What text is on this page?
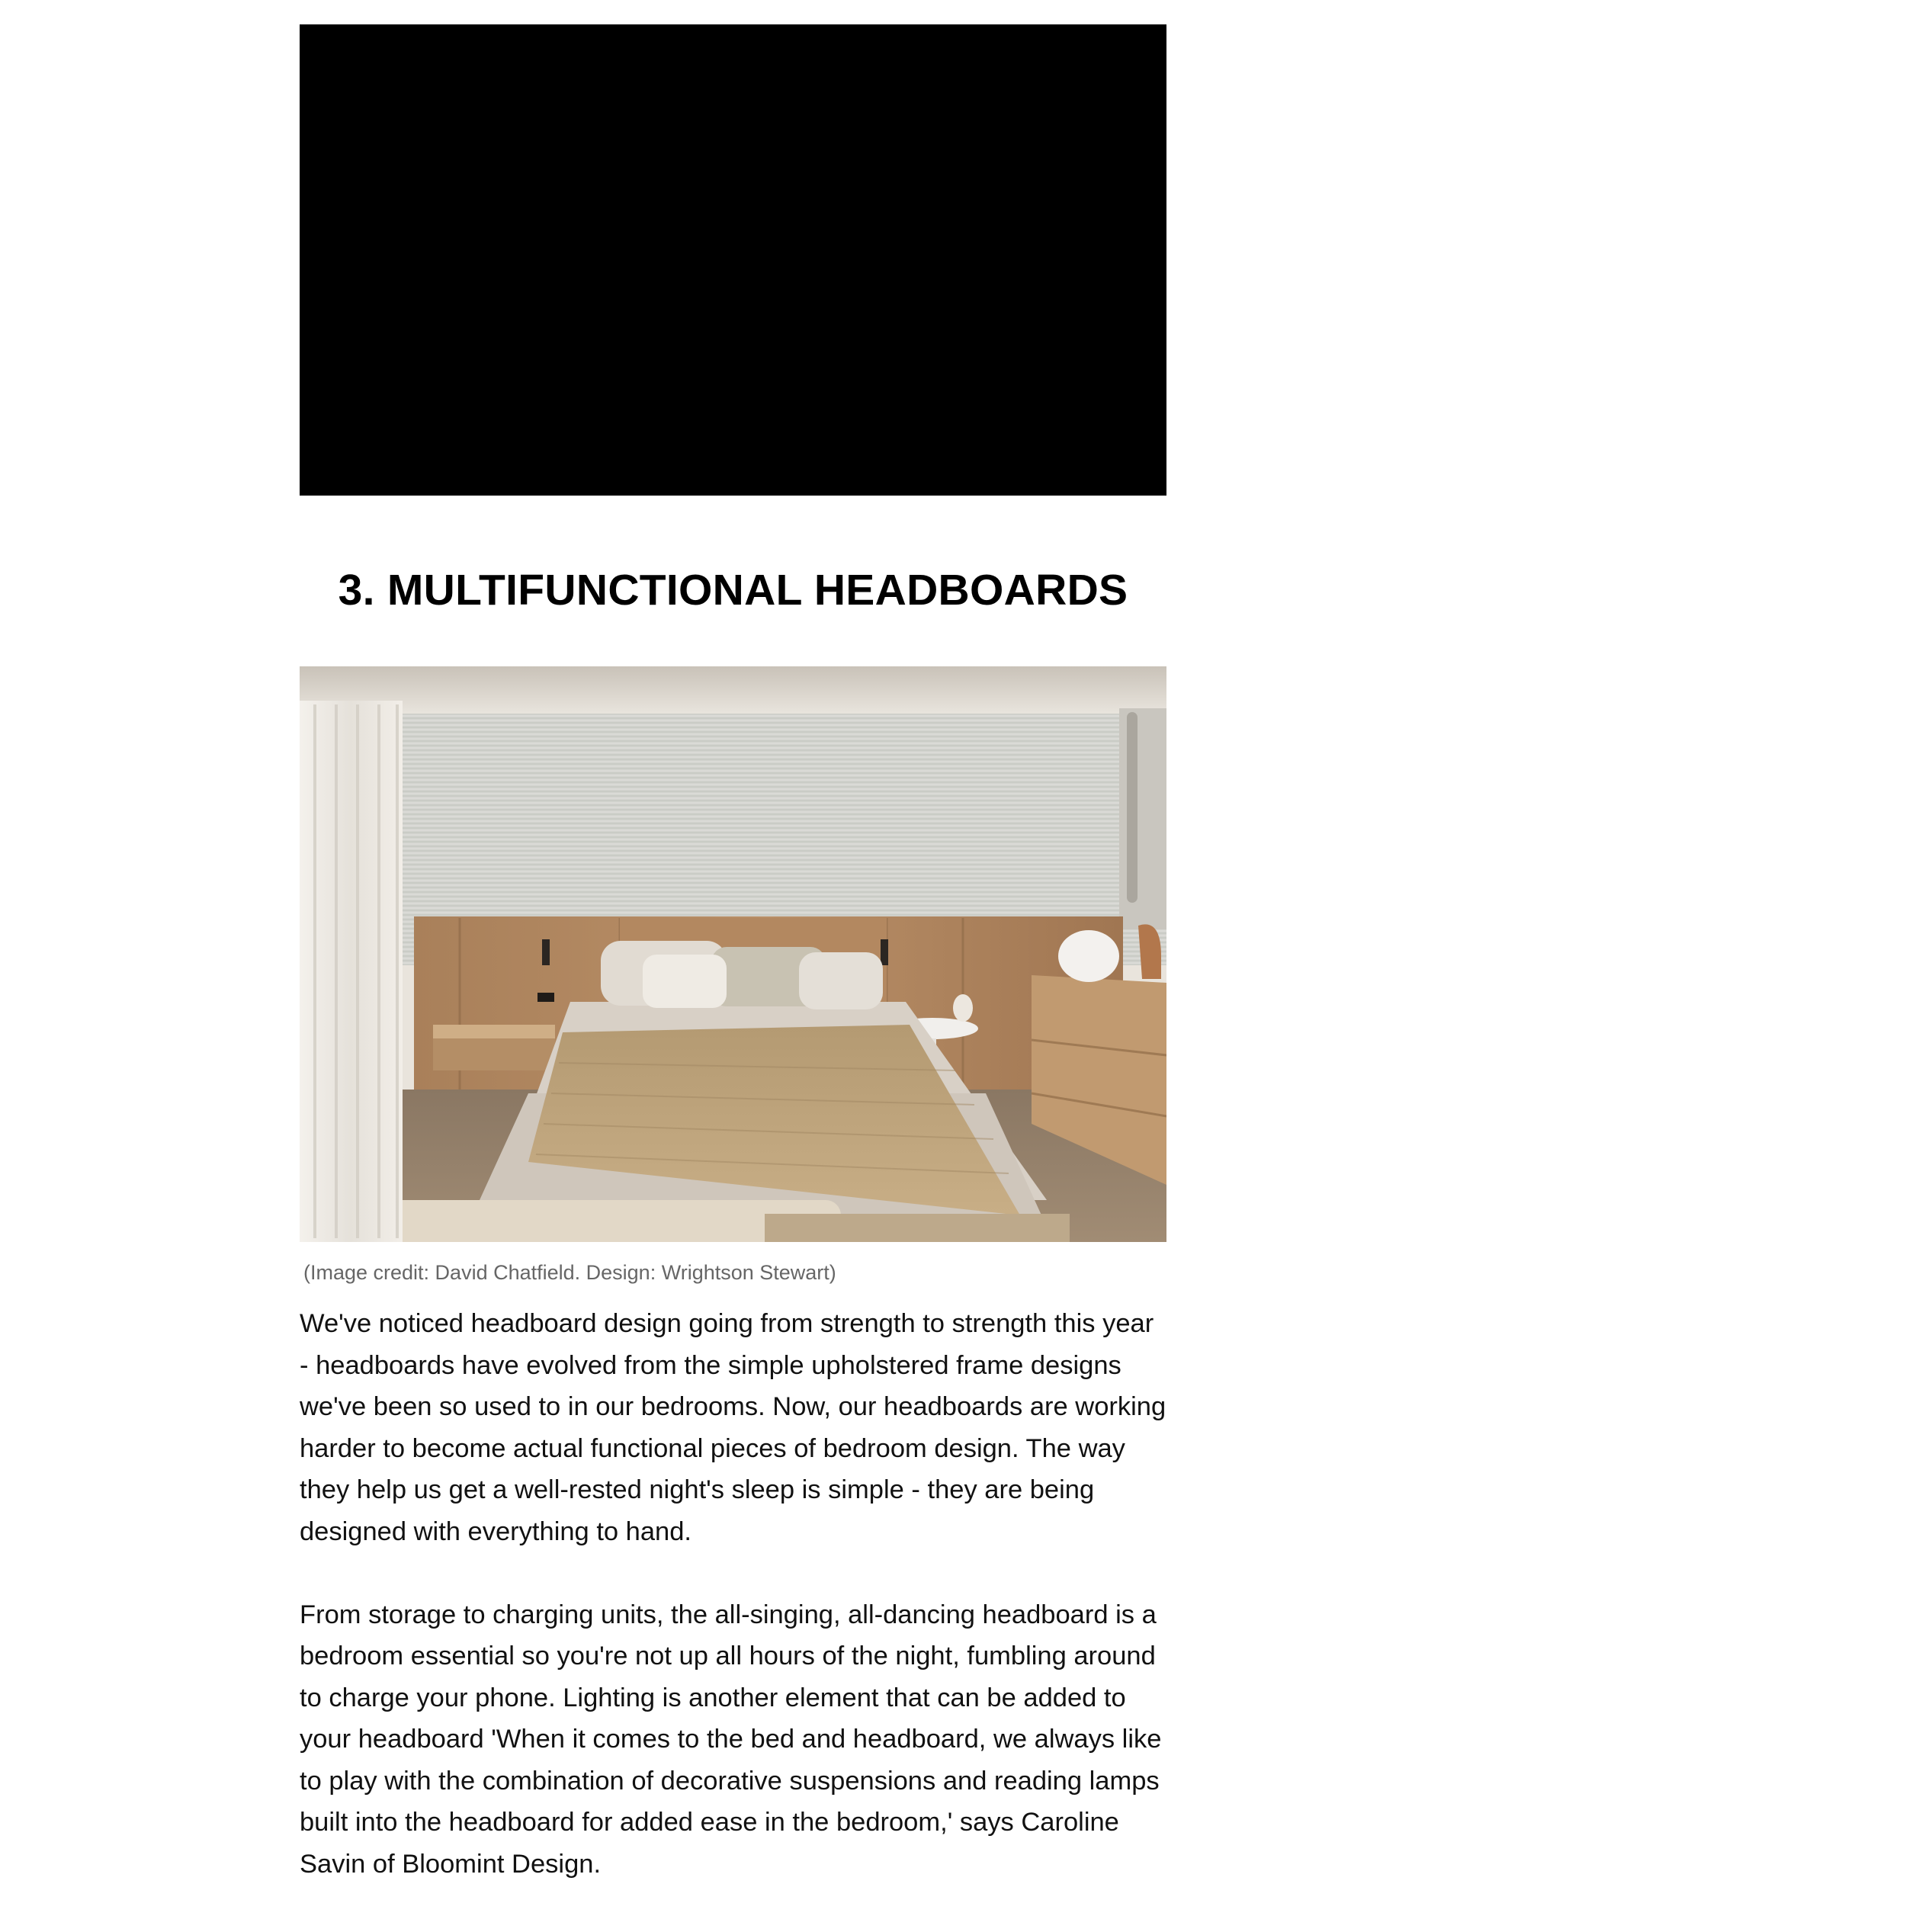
3. MULTIFUNCTIONAL HEADBOARDS
(Image credit: David Chatfield. Design: Wrightson Stewart)

We've noticed headboard design going from strength to strength this year - headboards have evolved from the simple upholstered frame designs we've been so used to in our bedrooms. Now, our headboards are working harder to become actual functional pieces of bedroom design. The way they help us get a well-rested night's sleep is simple - they are being designed with everything to hand.

From storage to charging units, the all-singing, all-dancing headboard is a bedroom essential so you're not up all hours of the night, fumbling around to charge your phone. Lighting is another element that can be added to your headboard 'When it comes to the bed and headboard, we always like to play with the combination of decorative suspensions and reading lamps built into the headboard for added ease in the bedroom,' says Caroline Savin of Bloomint Design.
